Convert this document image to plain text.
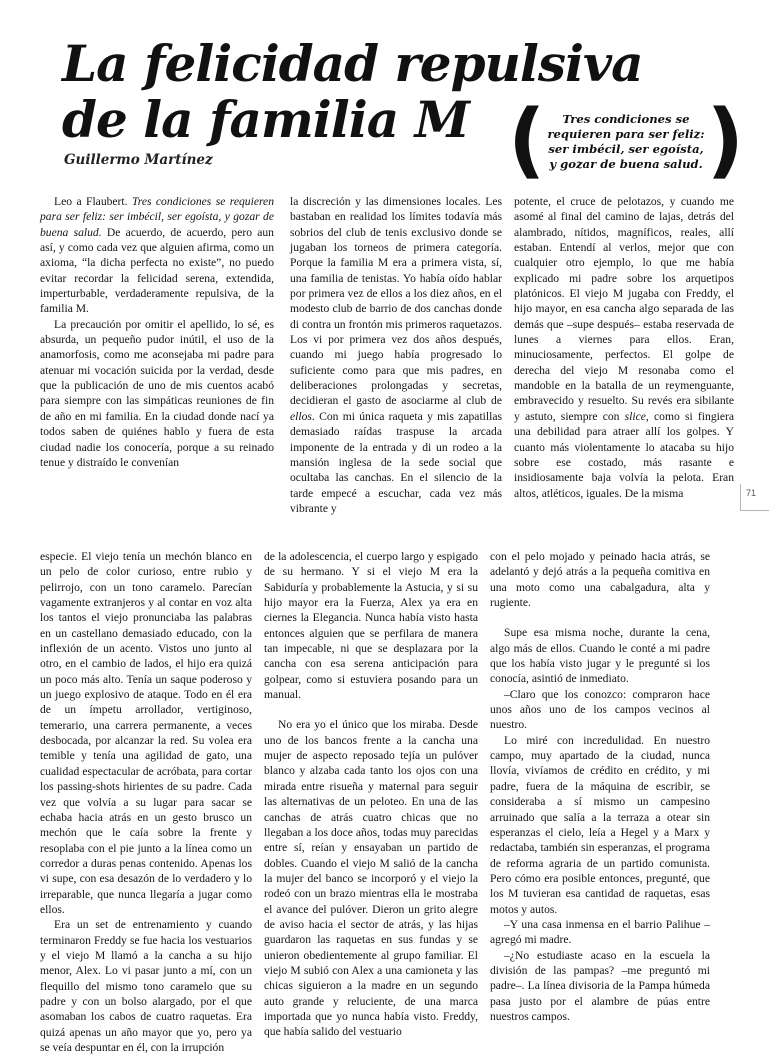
La felicidad repulsiva
de la familia M
Guillermo Martínez	(	Tres condiciones se
requieren para ser feliz:
ser imbécil, ser egoísta,
y gozar de buena salud. )

Leo a Flaubert. Tres condiciones se requieren para ser feliz: ser imbécil, ser egoísta, y gozar de buena salud. De acuerdo, de acuerdo, pero aun así, y como cada vez que alguien afirma, como un axioma, “la dicha perfecta no existe”, no puedo evitar recordar la felicidad serena, extendida, imperturbable, verdaderamente repulsiva, de la familia M.

La precaución por omitir el apellido, lo sé, es absurda, un pequeño pudor inútil, el uso de la anamorfosis, como me aconsejaba mi padre para atenuar mi vocación suicida por la verdad, desde que la publicación de uno de mis cuentos acabó para siempre con las simpáticas reuniones de fin de año en mi familia. En la ciudad donde nací ya todos saben de quiénes hablo y fuera de esta ciudad nadie los conocería, porque a su reinado tenue y distraído le convenían

la discreción y las dimensiones locales. Les bastaban en realidad los límites todavía más sobrios del club de tenis exclusivo donde se jugaban los torneos de primera categoría. Porque la familia M era a primera vista, sí, una familia de tenistas. Yo había oído hablar por primera vez de ellos a los diez años, en el modesto club de barrio de dos canchas donde di contra un frontón mis primeros raquetazos. Los vi por primera vez dos años después, cuando mi juego había progresado lo suficiente como para que mis padres, en deliberaciones prolongadas y secretas, decidieran el gasto de asociarme al club de ellos. Con mi única raqueta y mis zapatillas demasiado raídas traspuse la arcada imponente de la entrada y di un rodeo a la mansión inglesa de la sede social que ocultaba las canchas. En el silencio de la tarde empecé a escuchar, cada vez más vibrante y

potente, el cruce de pelotazos, y cuando me asomé al final del camino de lajas, detrás del alambrado, nítidos, magníficos, reales, allí estaban. Entendí al verlos, mejor que con cualquier otro ejemplo, lo que me había explicado mi padre sobre los arquetipos platónicos. El viejo M jugaba con Freddy, el hijo mayor, en esa cancha algo separada de las demás que –supe después– estaba reservada de lunes a viernes para ellos. Eran, minuciosamente, perfectos. El golpe de derecha del viejo M resonaba como el mandoble en la batalla de un reymenguante, embravecido y resuelto. Su revés era sibilante y astuto, siempre con slice, como si fingiera una debilidad para atraer allí los golpes. Y cuanto más violentamente lo atacaba su hijo sobre ese costado, más rasante e insidiosamente baja volvía la pelota. Eran altos, atléticos, iguales. De la misma	71

especie. El viejo tenía un mechón blanco en un pelo de color curioso, entre rubio y pelirrojo, con un tono caramelo. Parecían vagamente extranjeros y al contar en voz alta los tantos el viejo pronunciaba las palabras en un castellano demasiado educado, con la inflexión de un acento. Vistos uno junto al otro, en el cambio de lados, el hijo era quizá un poco más alto. Tenía un saque poderoso y un juego explosivo de ataque. Todo en él era de un ímpetu arrollador, vertiginoso, temerario, una carrera permanente, a veces desbocada, por alcanzar la red. Su volea era temible y tenía una agilidad de gato, una cualidad espectacular de acróbata, para cortar los passing-shots hirientes de su padre. Cada vez que volvía a su lugar para sacar se echaba hacia atrás en un gesto brusco un mechón que le caía sobre la frente y resoplaba con el pie junto a la línea como un corredor a duras penas contenido. Apenas los vi supe, con esa desazón de lo verdadero y lo irreparable, que nunca llegaría a jugar como ellos.

Era un set de entrenamiento y cuando terminaron Freddy se fue hacia los vestuarios y el viejo M llamó a la cancha a su hijo menor, Alex. Lo vi pasar junto a mí, con un flequillo del mismo tono caramelo que su padre y con un bolso alargado, por el que asomaban los cabos de cuatro raquetas. Era quizá apenas un año mayor que yo, pero ya se veía despuntar en él, con la irrupción

de la adolescencia, el cuerpo largo y espigado de su hermano. Y si el viejo M era la Sabiduría y probablemente la Astucia, y si su hijo mayor era la Fuerza, Alex ya era en ciernes la Elegancia. Nunca había visto hasta entonces alguien que se perfilara de manera tan impecable, ni que se desplazara por la cancha con esa serena anticipación para golpear, como si estuviera posando para un manual.

No era yo el único que los miraba. Desde uno de los bancos frente a la cancha una mujer de aspecto reposado tejía un pulóver blanco y alzaba cada tanto los ojos con una mirada entre risueña y maternal para seguir las alternativas de un peloteo. En una de las canchas de atrás cuatro chicas que no llegaban a los doce años, todas muy parecidas entre sí, reían y ensayaban un partido de dobles. Cuando el viejo M salió de la cancha la mujer del banco se incorporó y el viejo la rodeó con un brazo mientras ella le mostraba el avance del pulóver. Dieron un grito alegre de aviso hacia el sector de atrás, y las hijas guardaron las raquetas en sus fundas y se unieron obedientemente al grupo familiar. El viejo M subió con Alex a una camioneta y las chicas siguieron a la madre en un segundo auto grande y reluciente, de una marca importada que yo nunca había visto. Freddy, que había salido del vestuario

con el pelo mojado y peinado hacia atrás, se adelantó y dejó atrás a la pequeña comitiva en una moto como una cabalgadura, alta y rugiente.

Supe esa misma noche, durante la cena, algo más de ellos. Cuando le conté a mi padre que los había visto jugar y le pregunté si los conocía, asintió de inmediato.

–Claro que los conozco: compraron hace unos años uno de los campos vecinos al nuestro.

Lo miré con incredulidad. En nuestro campo, muy apartado de la ciudad, nunca llovía, vivíamos de crédito en crédito, y mi padre, fuera de la máquina de escribir, se consideraba a sí mismo un campesino arruinado que salía a la terraza a otear sin esperanzas el cielo, leía a Hegel y a Marx y redactaba, también sin esperanzas, el programa de reforma agraria de un partido comunista. Pero cómo era posible entonces, pregunté, que los M tuvieran esa cantidad de raquetas, esas motos y autos.

–Y una casa inmensa en el barrio Palihue –agregó mi madre.

–¿No estudiaste acaso en la escuela la división de las pampas? –me preguntó mi padre–. La línea divisoria de la Pampa húmeda pasa justo por el alambre de púas entre nuestros campos.
